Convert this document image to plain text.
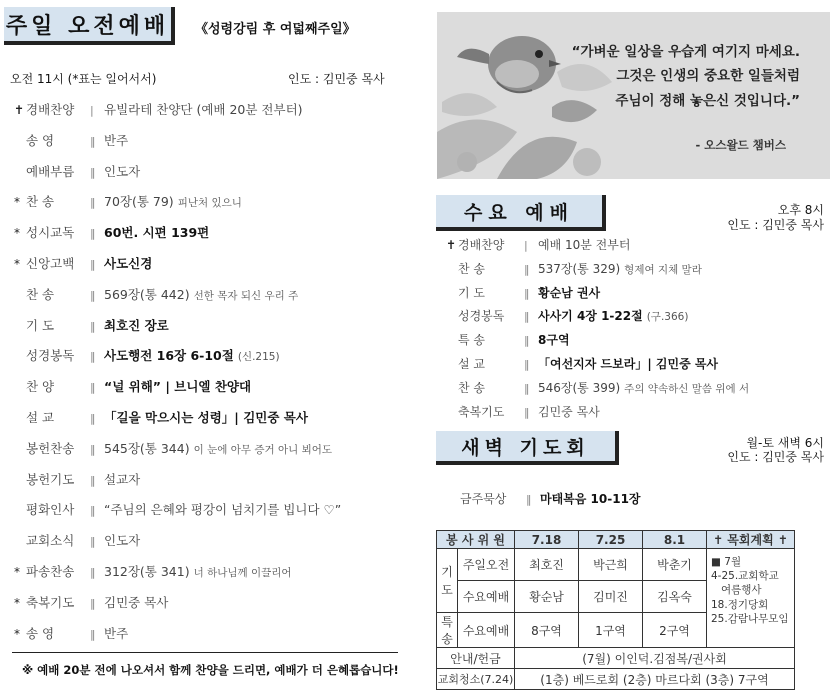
주일 오전예배	《성령강림 후 여덟째주일》
오전 11시 (*표는 일어서서)	인도 : 김민중 목사
✝ 경배찬양	| 유빌라테 찬양단 (예배 20분 전부터)
송 영	‖ 반주
예배부름	‖ 인도자
* 찬 송	‖ 70장(통 79) 피난처 있으니
* 성시교독	‖ 60번. 시편 139편
* 신앙고백	‖ 사도신경
찬 송	‖ 569장(통 442) 선한 목자 되신 우리 주
기 도	‖ 최호진 장로
성경봉독	‖ 사도행전 16장 6-10절 (신.215)
찬 양	‖ “널 위해” | 브니엘 찬양대
설 교	‖ 「길을 막으시는 성령」| 김민중 목사
봉헌찬송	‖ 545장(통 344) 이 눈에 아무 증거 아니 뵈어도
봉헌기도	‖ 설교자
평화인사	‖ “주님의 은혜와 평강이 넘치기를 빕니다 ♡”
교회소식	‖ 인도자
* 파송찬송	‖ 312장(통 341) 너 하나님께 이끌리어
* 축복기도	‖ 김민중 목사
* 송 영	‖ 반주
※ 예배 20분 전에 나오셔서 함께 찬양을 드리면, 예배가 더 은혜롭습니다!
“가벼운 일상을 우습게 여기지 마세요.
그것은 인생의 중요한 일들처럼
주님이 정해 놓은신 것입니다.”
- 오스왈드 챔버스
수요 예배	오후 8시
인도 : 김민중 목사
✝ 경배찬양	| 예배 10분 전부터
찬 송	‖ 537장(통 329) 형제여 지체 말라
기 도	‖ 황순남 권사
성경봉독	‖ 사사기 4장 1-22절 (구.366)
특 송	‖ 8구역
설 교	‖ 「여선지자 드보라」| 김민중 목사
찬 송	‖ 546장(통 399) 주의 약속하신 말씀 위에 서
축복기도	‖ 김민중 목사
새벽 기도회	월-토 새벽 6시
인도 : 김민중 목사
금주묵상	‖ 마태복음 10-11장
봉 사 위 원		7.18	7.25	8.1	✝ 목회계획 ✝
기도	주일오전	최호진	박근희	박춘기	■ 7월
4-25.교회학교
여름행사
18.정기당회
25.감람나무모임

	수요예배	황순남	김미진	김옥숙	
특송	수요예배	8구역	1구역	2구역	
안내/헌금		(7월) 이인덕.김점복/권사회			
교회청소(7.24)		(1층) 베드로회 (2층) 마르다회 (3층) 7구역			
